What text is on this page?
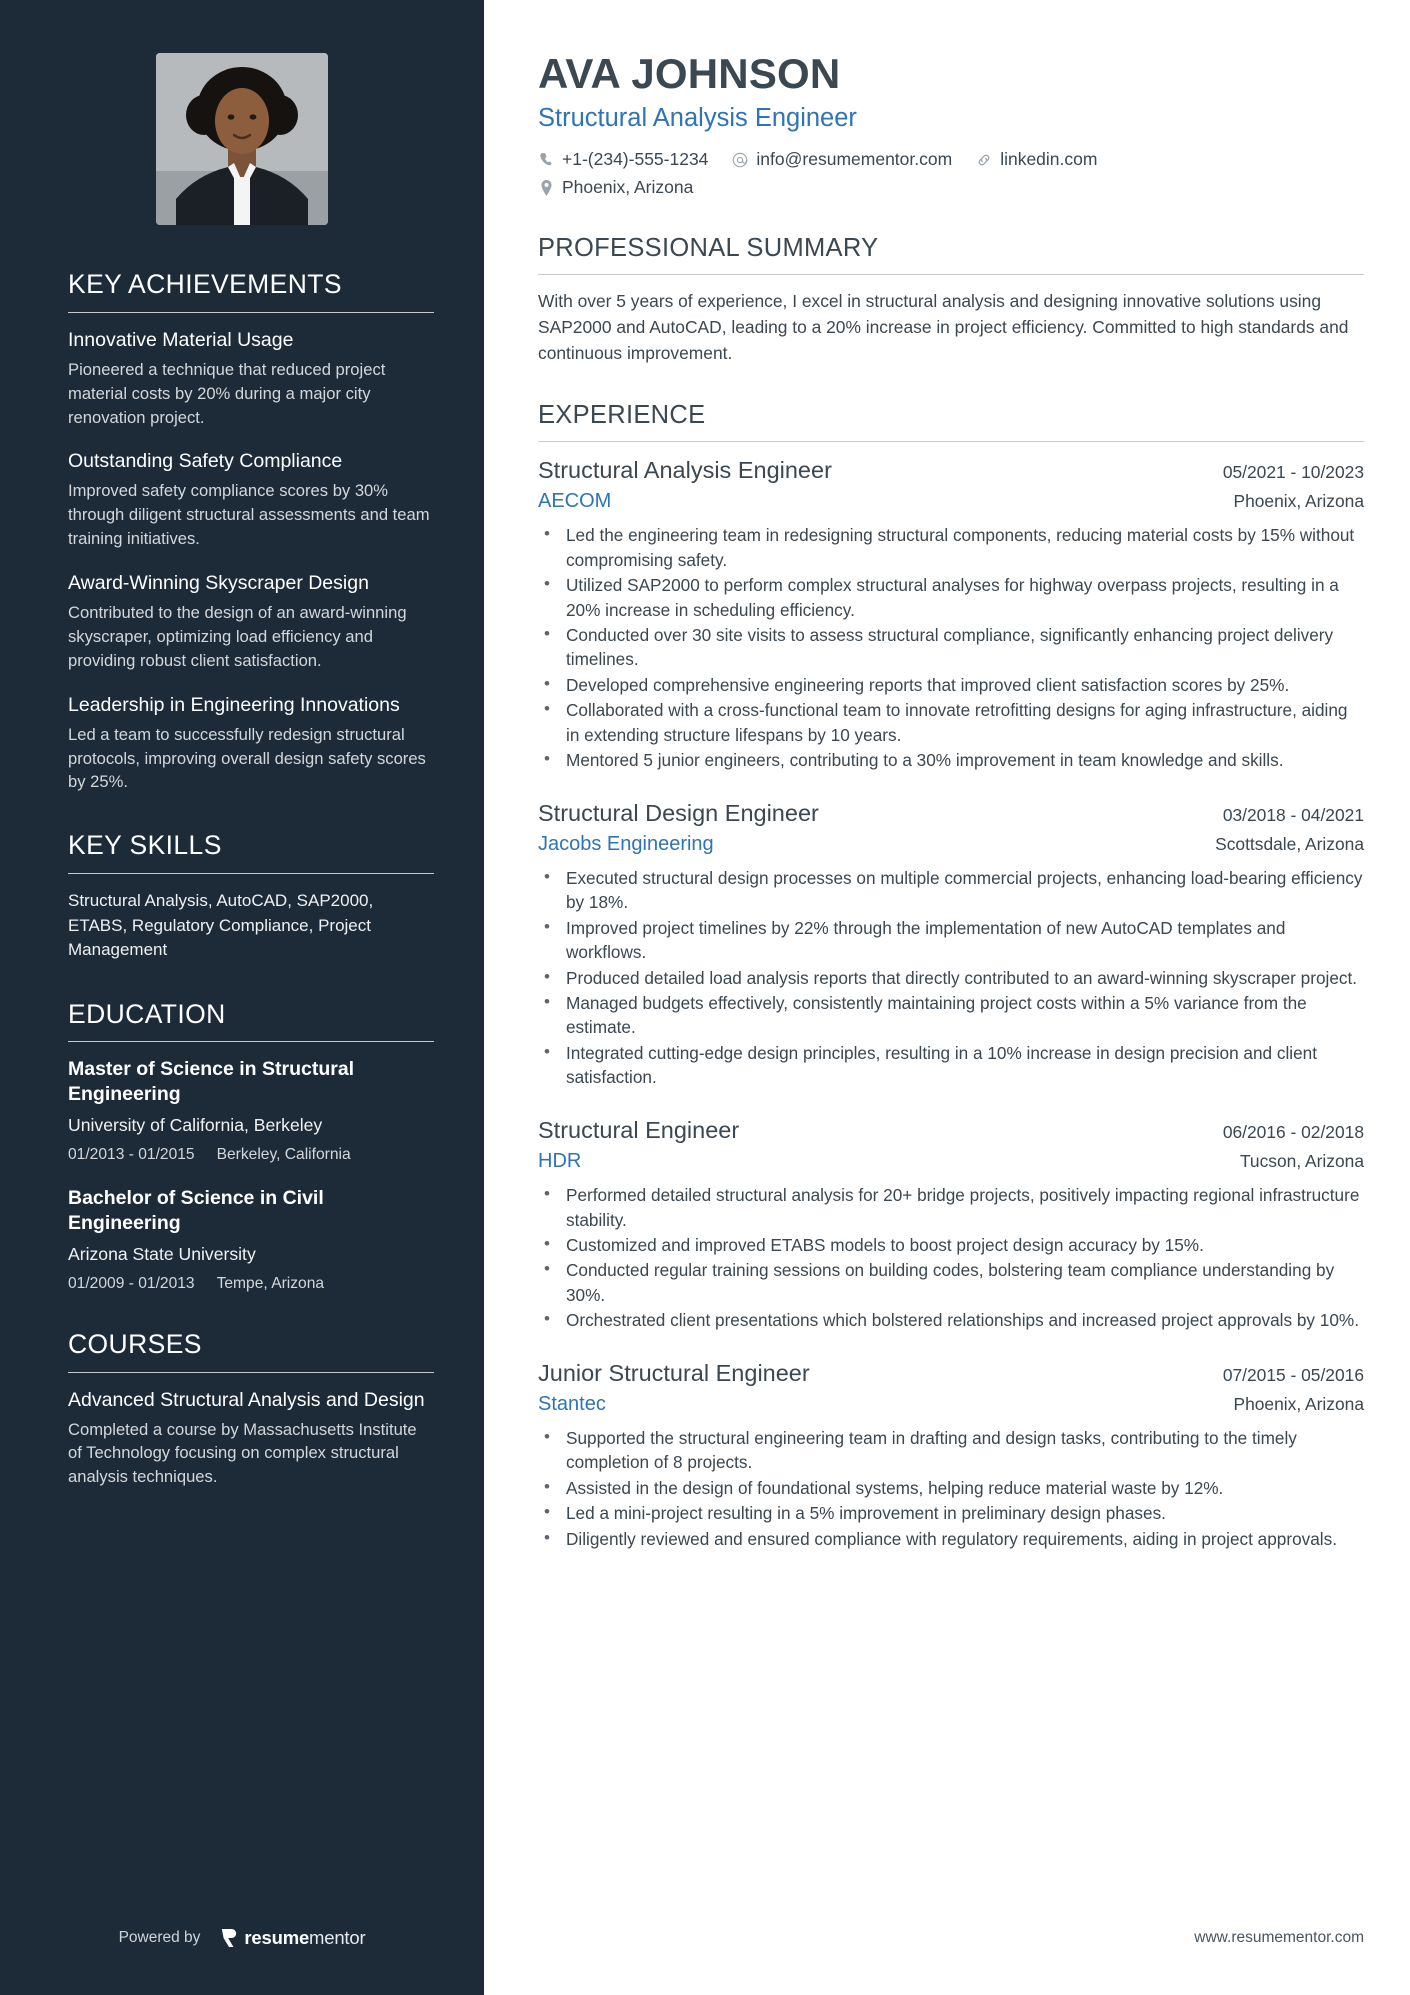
KEY ACHIEVEMENTS
Innovative Material Usage
Pioneered a technique that reduced project material costs by 20% during a major city renovation project.
Outstanding Safety Compliance
Improved safety compliance scores by 30% through diligent structural assessments and team training initiatives.
Award-Winning Skyscraper Design
Contributed to the design of an award-winning skyscraper, optimizing load efficiency and providing robust client satisfaction.
Leadership in Engineering Innovations
Led a team to successfully redesign structural protocols, improving overall design safety scores by 25%.
KEY SKILLS
Structural Analysis, AutoCAD, SAP2000, ETABS, Regulatory Compliance, Project Management
EDUCATION
Master of Science in Structural Engineering
University of California, Berkeley
01/2013 - 01/2015 Berkeley, California
Bachelor of Science in Civil Engineering
Arizona State University
01/2009 - 01/2013 Tempe, Arizona
COURSES
Advanced Structural Analysis and Design
Completed a course by Massachusetts Institute of Technology focusing on complex structural analysis techniques.
Powered by resumementor
AVA JOHNSON
Structural Analysis Engineer
+1-(234)-555-1234	info@resumementor.com	linkedin.com
Phoenix, Arizona
PROFESSIONAL SUMMARY

With over 5 years of experience, I excel in structural analysis and designing innovative solutions using SAP2000 and AutoCAD, leading to a 20% increase in project efficiency. Committed to high standards and continuous improvement.

EXPERIENCE
Structural Analysis Engineer	05/2021 - 10/2023
AECOM	Phoenix, Arizona
• Led the engineering team in redesigning structural components, reducing material costs by 15% without compromising safety.
• Utilized SAP2000 to perform complex structural analyses for highway overpass projects, resulting in a 20% increase in scheduling efficiency.
• Conducted over 30 site visits to assess structural compliance, significantly enhancing project delivery timelines.
• Developed comprehensive engineering reports that improved client satisfaction scores by 25%.
• Collaborated with a cross-functional team to innovate retrofitting designs for aging infrastructure, aiding in extending structure lifespans by 10 years.
• Mentored 5 junior engineers, contributing to a 30% improvement in team knowledge and skills.
Structural Design Engineer	03/2018 - 04/2021
Jacobs Engineering	Scottsdale, Arizona
• Executed structural design processes on multiple commercial projects, enhancing load-bearing efficiency by 18%.
• Improved project timelines by 22% through the implementation of new AutoCAD templates and workflows.
• Produced detailed load analysis reports that directly contributed to an award-winning skyscraper project.
• Managed budgets effectively, consistently maintaining project costs within a 5% variance from the estimate.
• Integrated cutting-edge design principles, resulting in a 10% increase in design precision and client satisfaction.
Structural Engineer	06/2016 - 02/2018
HDR	Tucson, Arizona
• Performed detailed structural analysis for 20+ bridge projects, positively impacting regional infrastructure stability.
• Customized and improved ETABS models to boost project design accuracy by 15%.
• Conducted regular training sessions on building codes, bolstering team compliance understanding by 30%.
• Orchestrated client presentations which bolstered relationships and increased project approvals by 10%.
Junior Structural Engineer	07/2015 - 05/2016
Stantec	Phoenix, Arizona
• Supported the structural engineering team in drafting and design tasks, contributing to the timely completion of 8 projects.
• Assisted in the design of foundational systems, helping reduce material waste by 12%.
• Led a mini-project resulting in a 5% improvement in preliminary design phases.
• Diligently reviewed and ensured compliance with regulatory requirements, aiding in project approvals.
www.resumementor.com
